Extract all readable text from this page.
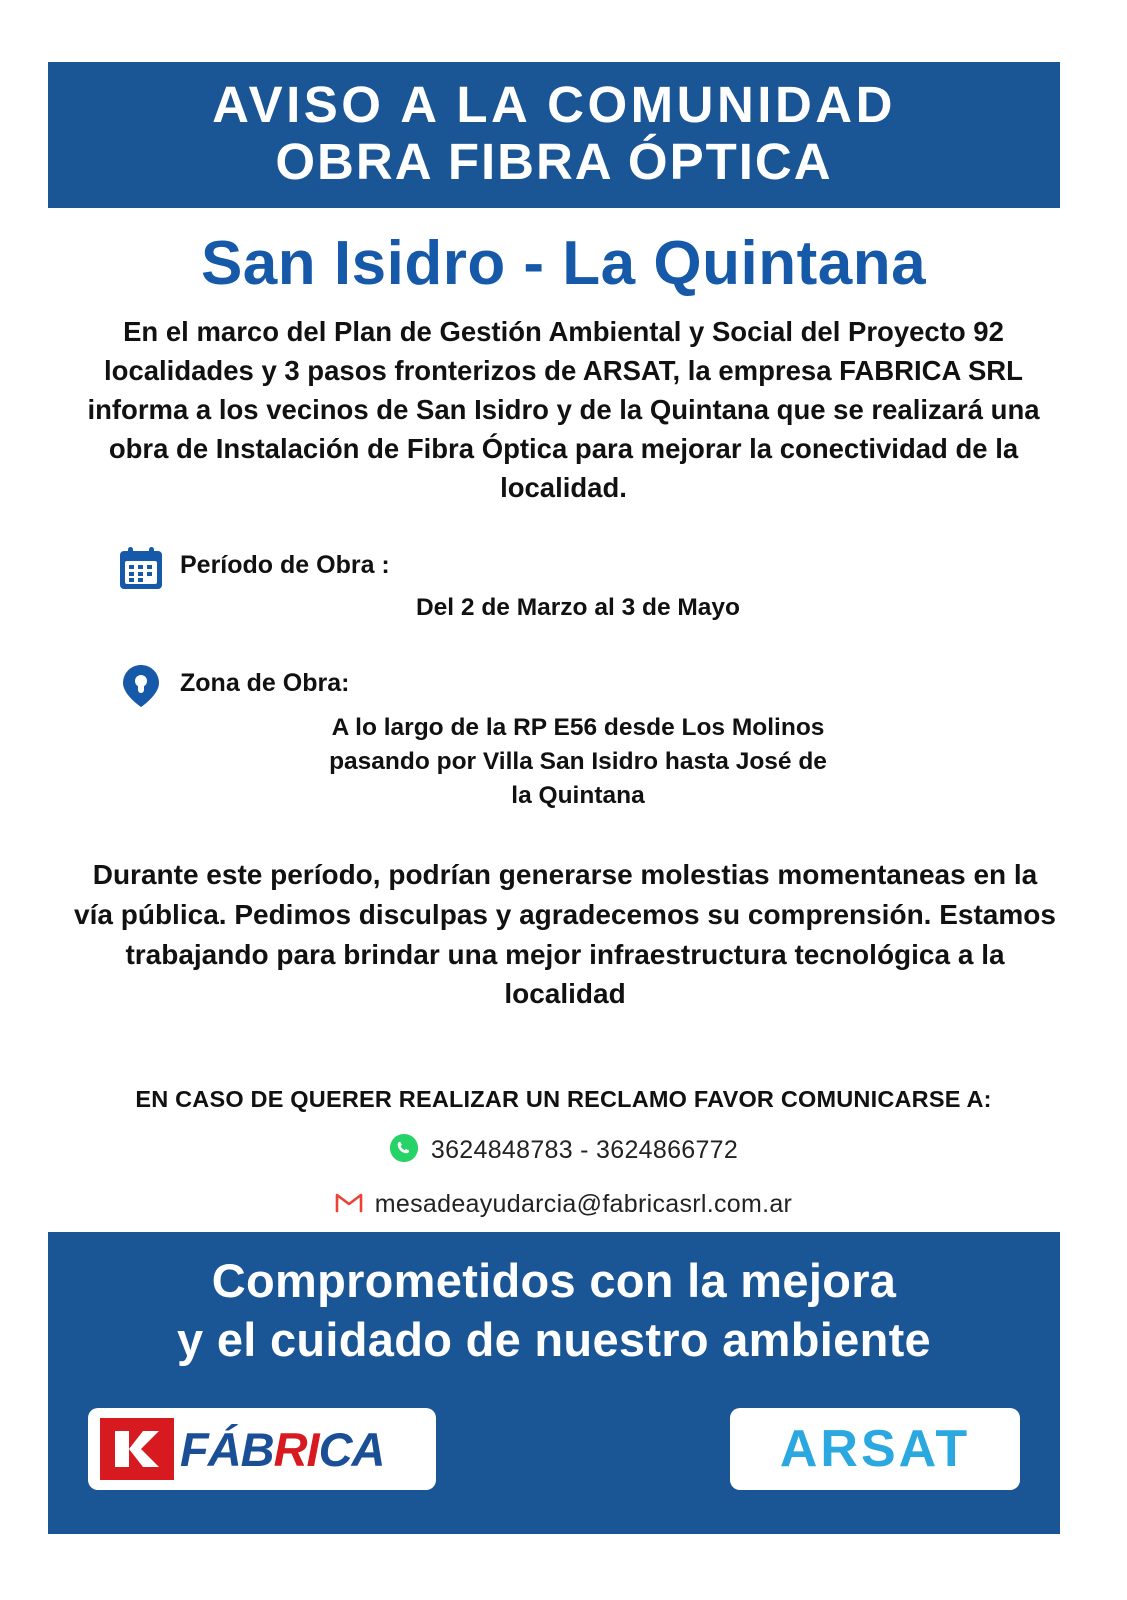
AVISO A LA COMUNIDAD
OBRA FIBRA ÓPTICA
San Isidro - La Quintana
En el marco del Plan de Gestión Ambiental y Social del Proyecto 92 localidades y 3 pasos fronterizos de ARSAT, la empresa FABRICA SRL informa a los vecinos de San Isidro y de la Quintana que se realizará una obra de Instalación de Fibra Óptica para mejorar la conectividad de la localidad.
Período de Obra :
Del 2 de Marzo al 3 de Mayo
Zona de Obra:
A lo largo de la RP E56 desde Los Molinos pasando por Villa San Isidro hasta José de la Quintana
Durante este período, podrían generarse molestias momentaneas en la vía pública. Pedimos disculpas y agradecemos su comprensión. Estamos trabajando para brindar una mejor infraestructura tecnológica a la localidad
EN CASO DE QUERER REALIZAR UN RECLAMO FAVOR COMUNICARSE A:
3624848783 - 3624866772
mesadeayudarcia@fabricasrl.com.ar
Comprometidos con la mejora
y el cuidado de nuestro ambiente
FÁBRICA	ARSAT
